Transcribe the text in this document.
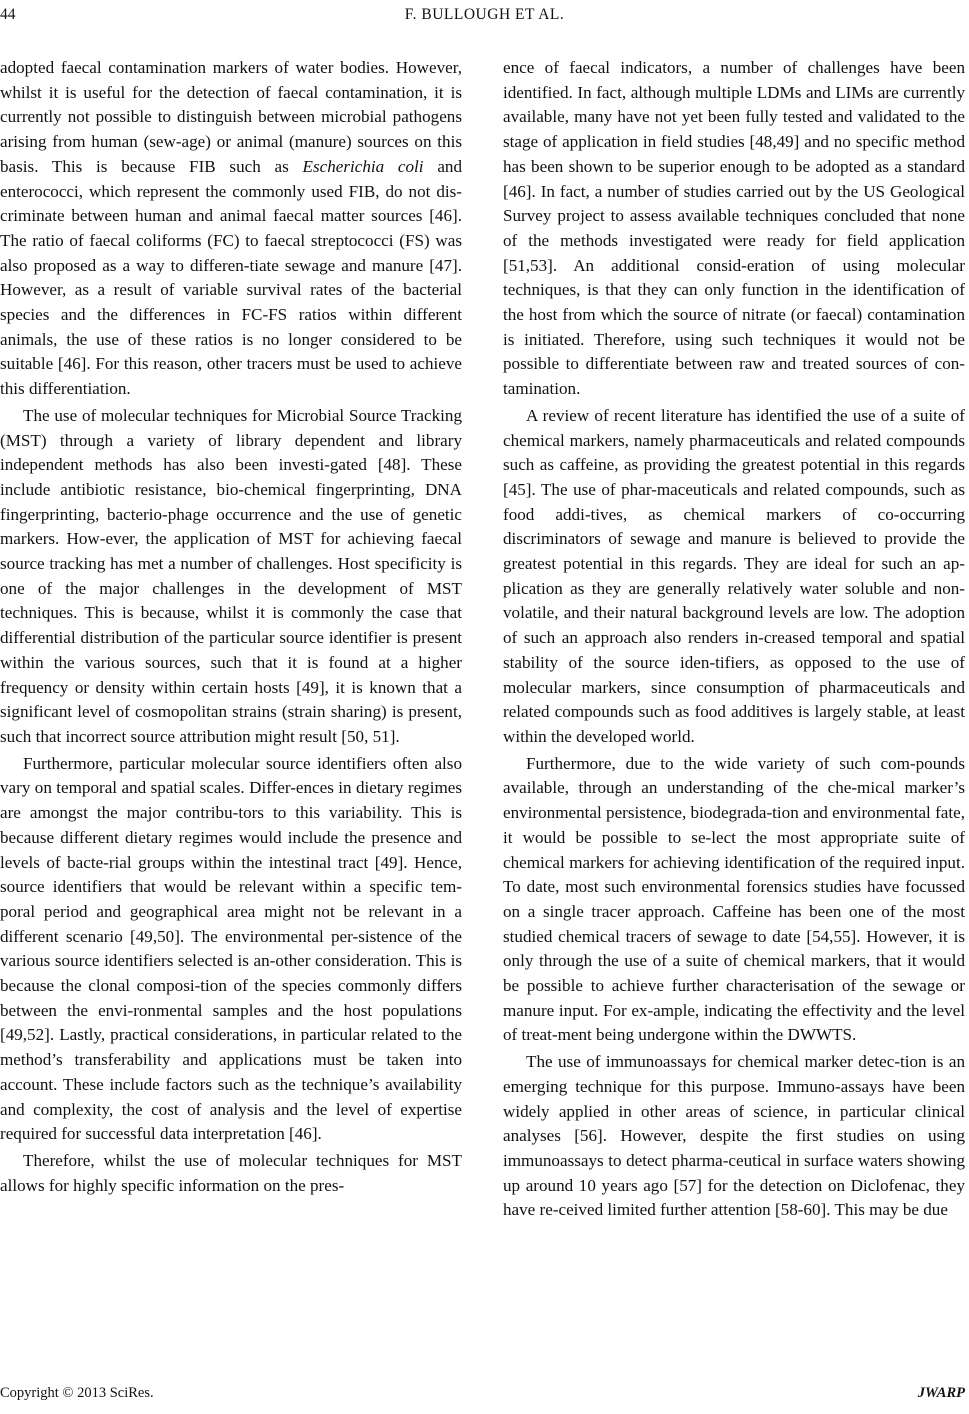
44	F. BULLOUGH ET AL.

adopted faecal contamination markers of water bodies. However, whilst it is useful for the detection of faecal contamination, it is currently not possible to distinguish between microbial pathogens arising from human (sew-age) or animal (manure) sources on this basis. This is because FIB such as Escherichia coli and enterococci, which represent the commonly used FIB, do not dis-criminate between human and animal faecal matter sources [46]. The ratio of faecal coliforms (FC) to faecal streptococci (FS) was also proposed as a way to differen-tiate sewage and manure [47]. However, as a result of variable survival rates of the bacterial species and the differences in FC-FS ratios within different animals, the use of these ratios is no longer considered to be suitable [46]. For this reason, other tracers must be used to achieve this differentiation.

The use of molecular techniques for Microbial Source Tracking (MST) through a variety of library dependent and library independent methods has also been investi-gated [48]. These include antibiotic resistance, bio-chemical fingerprinting, DNA fingerprinting, bacterio-phage occurrence and the use of genetic markers. How-ever, the application of MST for achieving faecal source tracking has met a number of challenges. Host specificity is one of the major challenges in the development of MST techniques. This is because, whilst it is commonly the case that differential distribution of the particular source identifier is present within the various sources, such that it is found at a higher frequency or density within certain hosts [49], it is known that a significant level of cosmopolitan strains (strain sharing) is present, such that incorrect source attribution might result [50, 51].

Furthermore, particular molecular source identifiers often also vary on temporal and spatial scales. Differ-ences in dietary regimes are amongst the major contribu-tors to this variability. This is because different dietary regimes would include the presence and levels of bacte-rial groups within the intestinal tract [49]. Hence, source identifiers that would be relevant within a specific tem-poral period and geographical area might not be relevant in a different scenario [49,50]. The environmental per-sistence of the various source identifiers selected is an-other consideration. This is because the clonal composi-tion of the species commonly differs between the envi-ronmental samples and the host populations [49,52]. Lastly, practical considerations, in particular related to the method’s transferability and applications must be taken into account. These include factors such as the technique’s availability and complexity, the cost of analysis and the level of expertise required for successful data interpretation [46].

Therefore, whilst the use of molecular techniques for MST allows for highly specific information on the pres-

ence of faecal indicators, a number of challenges have been identified. In fact, although multiple LDMs and LIMs are currently available, many have not yet been fully tested and validated to the stage of application in field studies [48,49] and no specific method has been shown to be superior enough to be adopted as a standard [46]. In fact, a number of studies carried out by the US Geological Survey project to assess available techniques concluded that none of the methods investigated were ready for field application [51,53]. An additional consid-eration of using molecular techniques, is that they can only function in the identification of the host from which the source of nitrate (or faecal) contamination is initiated. Therefore, using such techniques it would not be possible to differentiate between raw and treated sources of con-tamination.

A review of recent literature has identified the use of a suite of chemical markers, namely pharmaceuticals and related compounds such as caffeine, as providing the greatest potential in this regards [45]. The use of phar-maceuticals and related compounds, such as food addi-tives, as chemical markers of co-occurring discriminators of sewage and manure is believed to provide the greatest potential in this regards. They are ideal for such an ap-plication as they are generally relatively water soluble and non-volatile, and their natural background levels are low. The adoption of such an approach also renders in-creased temporal and spatial stability of the source iden-tifiers, as opposed to the use of molecular markers, since consumption of pharmaceuticals and related compounds such as food additives is largely stable, at least within the developed world.

Furthermore, due to the wide variety of such com-pounds available, through an understanding of the che-mical marker’s environmental persistence, biodegrada-tion and environmental fate, it would be possible to se-lect the most appropriate suite of chemical markers for achieving identification of the required input. To date, most such environmental forensics studies have focussed on a single tracer approach. Caffeine has been one of the most studied chemical tracers of sewage to date [54,55]. However, it is only through the use of a suite of chemical markers, that it would be possible to achieve further characterisation of the sewage or manure input. For ex-ample, indicating the effectivity and the level of treat-ment being undergone within the DWWTS.

The use of immunoassays for chemical marker detec-tion is an emerging technique for this purpose. Immuno-assays have been widely applied in other areas of science, in particular clinical analyses [56]. However, despite the first studies on using immunoassays to detect pharma-ceutical in surface waters showing up around 10 years ago [57] for the detection on Diclofenac, they have re-ceived limited further attention [58-60]. This may be due

Copyright © 2013 SciRes.	JWARP
